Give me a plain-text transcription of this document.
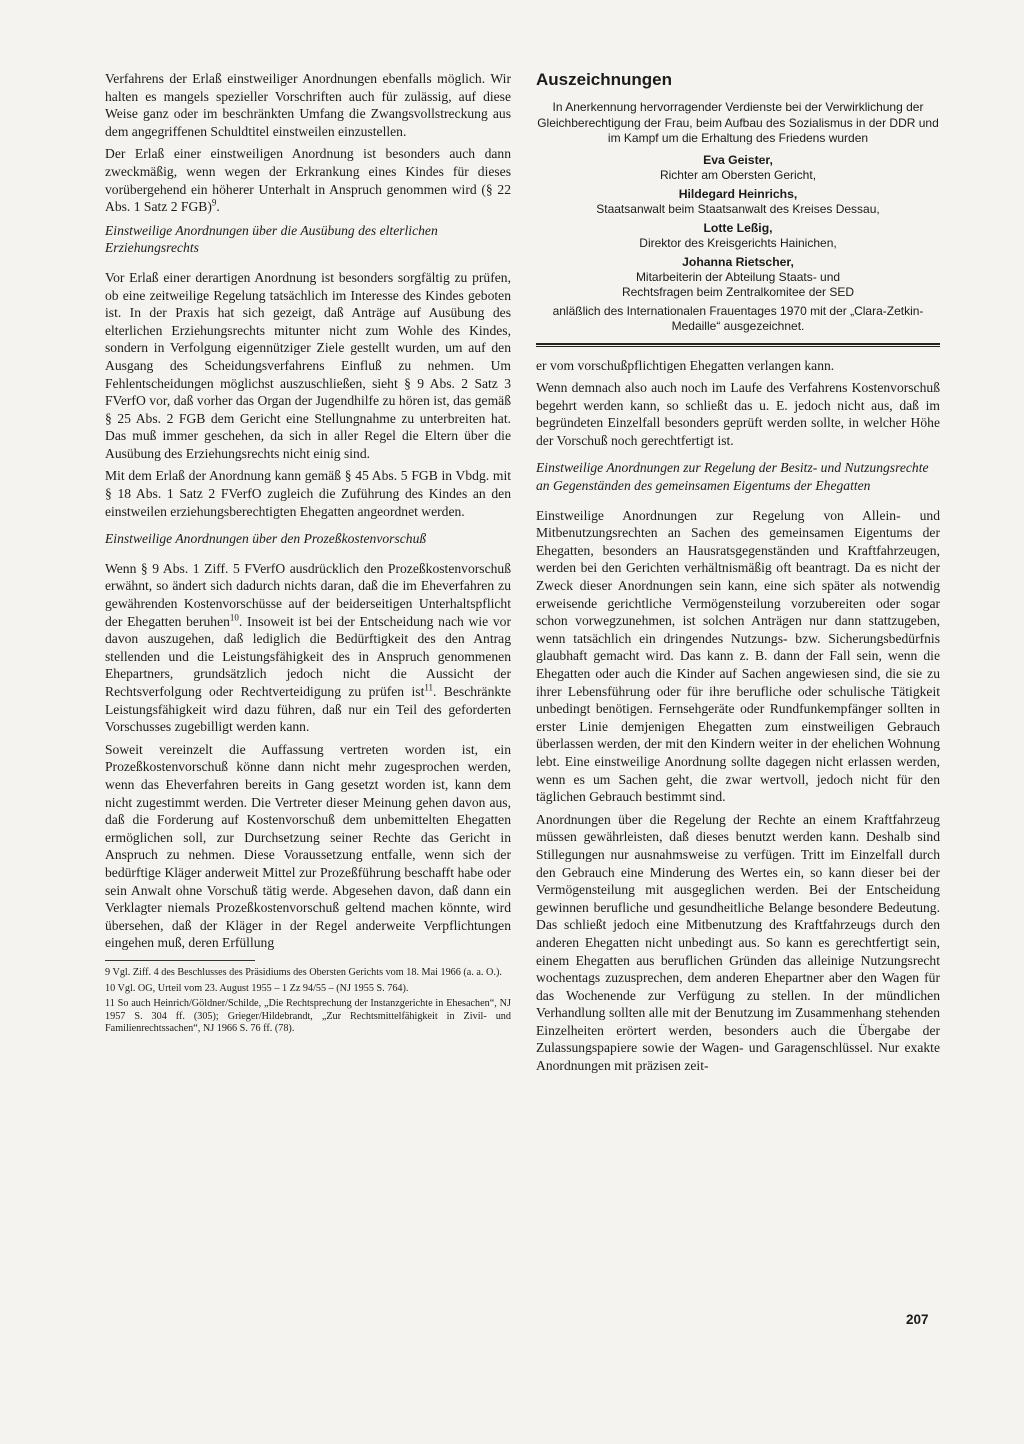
Verfahrens der Erlaß einstweiliger Anordnungen ebenfalls möglich. Wir halten es mangels spezieller Vorschriften auch für zulässig, auf diese Weise ganz oder im beschränkten Umfang die Zwangsvollstreckung aus dem angegriffenen Schuldtitel einstweilen einzustellen.

Der Erlaß einer einstweiligen Anordnung ist besonders auch dann zweckmäßig, wenn wegen der Erkrankung eines Kindes für dieses vorübergehend ein höherer Unterhalt in Anspruch genommen wird (§ 22 Abs. 1 Satz 2 FGB)$^9$.

Einstweilige Anordnungen über die Ausübung des elterlichen Erziehungsrechts

Vor Erlaß einer derartigen Anordnung ist besonders sorgfältig zu prüfen, ob eine zeitweilige Regelung tatsächlich im Interesse des Kindes geboten ist. In der Praxis hat sich gezeigt, daß Anträge auf Ausübung des elterlichen Erziehungsrechts mitunter nicht zum Wohle des Kindes, sondern in Verfolgung eigennütziger Ziele gestellt wurden, um auf den Ausgang des Scheidungsverfahrens Einfluß zu nehmen. Um Fehlentscheidungen möglichst auszuschließen, sieht § 9 Abs. 2 Satz 3 FVerfO vor, daß vorher das Organ der Jugendhilfe zu hören ist, das gemäß § 25 Abs. 2 FGB dem Gericht eine Stellungnahme zu unterbreiten hat. Das muß immer geschehen, da sich in aller Regel die Eltern über die Ausübung des Erziehungsrechts nicht einig sind.

Mit dem Erlaß der Anordnung kann gemäß § 45 Abs. 5 FGB in Vbdg. mit § 18 Abs. 1 Satz 2 FVerfO zugleich die Zuführung des Kindes an den einstweilen erziehungsberechtigten Ehegatten angeordnet werden.

Einstweilige Anordnungen über den Prozeßkostenvorschuß

Wenn § 9 Abs. 1 Ziff. 5 FVerfO ausdrücklich den Prozeßkostenvorschuß erwähnt, so ändert sich dadurch nichts daran, daß die im Eheverfahren zu gewährenden Kostenvorschüsse auf der beiderseitigen Unterhaltspflicht der Ehegatten beruhen$^{10}$. Insoweit ist bei der Entscheidung nach wie vor davon auszugehen, daß lediglich die Bedürftigkeit des den Antrag stellenden und die Leistungsfähigkeit des in Anspruch genommenen Ehepartners, grundsätzlich jedoch nicht die Aussicht der Rechtsverfolgung oder Rechtverteidigung zu prüfen ist$^{11}$. Beschränkte Leistungsfähigkeit wird dazu führen, daß nur ein Teil des geforderten Vorschusses zugebilligt werden kann.

Soweit vereinzelt die Auffassung vertreten worden ist, ein Prozeßkostenvorschuß könne dann nicht mehr zugesprochen werden, wenn das Eheverfahren bereits in Gang gesetzt worden ist, kann dem nicht zugestimmt werden. Die Vertreter dieser Meinung gehen davon aus, daß die Forderung auf Kostenvorschuß dem unbemittelten Ehegatten ermöglichen soll, zur Durchsetzung seiner Rechte das Gericht in Anspruch zu nehmen. Diese Voraussetzung entfalle, wenn sich der bedürftige Kläger anderweit Mittel zur Prozeßführung beschafft habe oder sein Anwalt ohne Vorschuß tätig werde. Abgesehen davon, daß dann ein Verklagter niemals Prozeßkostenvorschuß geltend machen könnte, wird übersehen, daß der Kläger in der Regel anderweite Verpflichtungen eingehen muß, deren Erfüllung

9 Vgl. Ziff. 4 des Beschlusses des Präsidiums des Obersten Gerichts vom 18. Mai 1966 (a. a. O.).

10 Vgl. OG, Urteil vom 23. August 1955 – 1 Zz 94/55 – (NJ 1955 S. 764).

11 So auch Heinrich/Göldner/Schilde, „Die Rechtsprechung der Instanzgerichte in Ehesachen“, NJ 1957 S. 304 ff. (305); Grieger/Hildebrandt, „Zur Rechtsmittelfähigkeit in Zivil- und Familienrechtssachen“, NJ 1966 S. 76 ff. (78).

Auszeichnungen

In Anerkennung hervorragender Verdienste bei der Verwirklichung der Gleichberechtigung der Frau, beim Aufbau des Sozialismus in der DDR und im Kampf um die Erhaltung des Friedens wurden

Eva Geister,
Richter am Obersten Gericht,
Hildegard Heinrichs,
Staatsanwalt beim Staatsanwalt des Kreises Dessau,
Lotte Leßig,
Direktor des Kreisgerichts Hainichen,
Johanna Rietscher,
Mitarbeiterin der Abteilung Staats- und
Rechtsfragen beim Zentralkomitee der SED

anläßlich des Internationalen Frauentages 1970 mit der „Clara-Zetkin-Medaille“ ausgezeichnet.

er vom vorschußpflichtigen Ehegatten verlangen kann.

Wenn demnach also auch noch im Laufe des Verfahrens Kostenvorschuß begehrt werden kann, so schließt das u. E. jedoch nicht aus, daß im begründeten Einzelfall besonders geprüft werden sollte, in welcher Höhe der Vorschuß noch gerechtfertigt ist.

Einstweilige Anordnungen zur Regelung der Besitz- und Nutzungsrechte an Gegenständen des gemeinsamen Eigentums der Ehegatten

Einstweilige Anordnungen zur Regelung von Allein- und Mitbenutzungsrechten an Sachen des gemeinsamen Eigentums der Ehegatten, besonders an Hausratsgegenständen und Kraftfahrzeugen, werden bei den Gerichten verhältnismäßig oft beantragt. Da es nicht der Zweck dieser Anordnungen sein kann, eine sich später als notwendig erweisende gerichtliche Vermögensteilung vorzubereiten oder sogar schon vorwegzunehmen, ist solchen Anträgen nur dann stattzugeben, wenn tatsächlich ein dringendes Nutzungs- bzw. Sicherungsbedürfnis glaubhaft gemacht wird. Das kann z. B. dann der Fall sein, wenn die Ehegatten oder auch die Kinder auf Sachen angewiesen sind, die sie zu ihrer Lebensführung oder für ihre berufliche oder schulische Tätigkeit unbedingt benötigen. Fernsehgeräte oder Rundfunkempfänger sollten in erster Linie demjenigen Ehegatten zum einstweiligen Gebrauch überlassen werden, der mit den Kindern weiter in der ehelichen Wohnung lebt. Eine einstweilige Anordnung sollte dagegen nicht erlassen werden, wenn es um Sachen geht, die zwar wertvoll, jedoch nicht für den täglichen Gebrauch bestimmt sind.

Anordnungen über die Regelung der Rechte an einem Kraftfahrzeug müssen gewährleisten, daß dieses benutzt werden kann. Deshalb sind Stillegungen nur ausnahmsweise zu verfügen. Tritt im Einzelfall durch den Gebrauch eine Minderung des Wertes ein, so kann dieser bei der Vermögensteilung mit ausgeglichen werden. Bei der Entscheidung gewinnen berufliche und gesundheitliche Belange besondere Bedeutung. Das schließt jedoch eine Mitbenutzung des Kraftfahrzeugs durch den anderen Ehegatten nicht unbedingt aus. So kann es gerechtfertigt sein, einem Ehegatten aus beruflichen Gründen das alleinige Nutzungsrecht wochentags zuzusprechen, dem anderen Ehepartner aber den Wagen für das Wochenende zur Verfügung zu stellen. In der mündlichen Verhandlung sollten alle mit der Benutzung im Zusammenhang stehenden Einzelheiten erörtert werden, besonders auch die Übergabe der Zulassungspapiere sowie der Wagen- und Garagenschlüssel. Nur exakte Anordnungen mit präzisen zeit-

207
